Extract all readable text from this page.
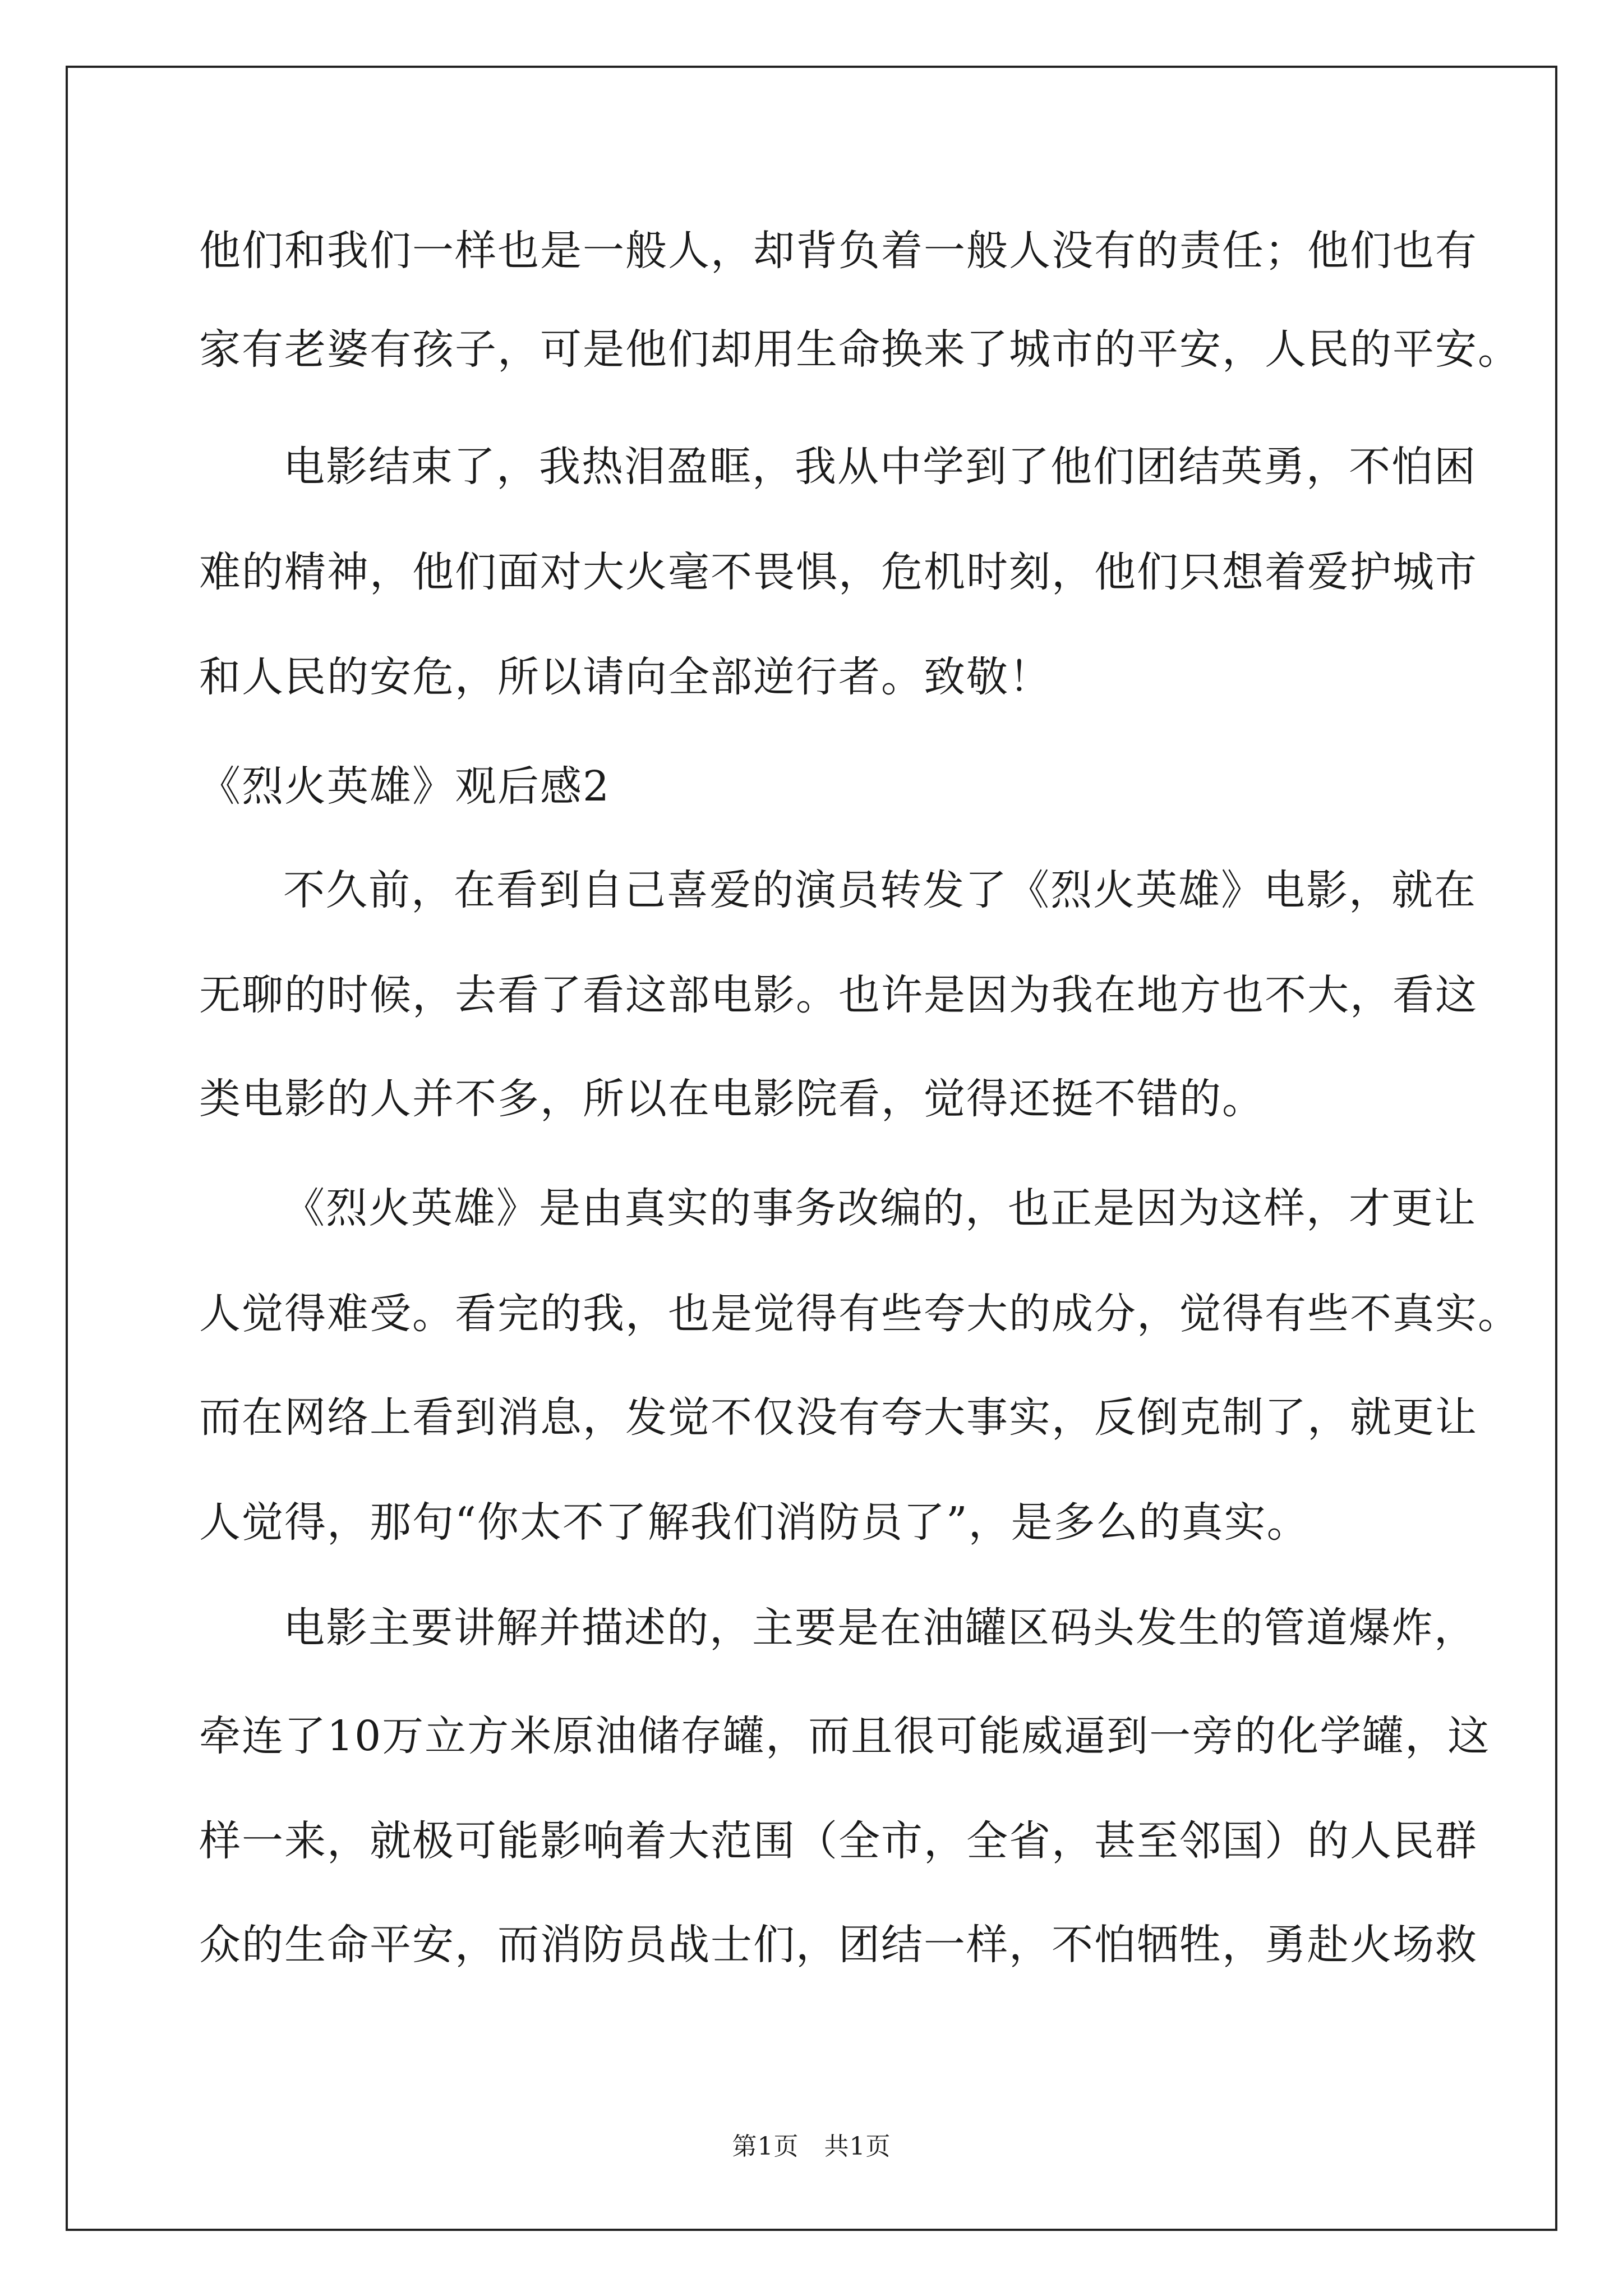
他们和我们一样也是一般人，却背负着一般人没有的责任；他们也有
家有老婆有孩子，可是他们却用生命换来了城市的平安，人民的平安。
电影结束了，我热泪盈眶，我从中学到了他们团结英勇，不怕困
难的精神，他们面对大火毫不畏惧，危机时刻，他们只想着爱护城市
和人民的安危，所以请向全部逆行者。致敬！
《烈火英雄》观后感2
不久前，在看到自己喜爱的演员转发了《烈火英雄》电影，就在
无聊的时候，去看了看这部电影。也许是因为我在地方也不大，看这
类电影的人并不多，所以在电影院看，觉得还挺不错的。
《烈火英雄》是由真实的事务改编的，也正是因为这样，才更让
人觉得难受。看完的我，也是觉得有些夸大的成分，觉得有些不真实。
而在网络上看到消息，发觉不仅没有夸大事实，反倒克制了，就更让
人觉得，那句“你太不了解我们消防员了”，是多么的真实。
电影主要讲解并描述的，主要是在油罐区码头发生的管道爆炸，
牵连了10万立方米原油储存罐，而且很可能威逼到一旁的化学罐，这
样一来，就极可能影响着大范围（全市，全省，甚至邻国）的人民群
众的生命平安，而消防员战士们，团结一样，不怕牺牲，勇赴火场救
第1页　共1页
